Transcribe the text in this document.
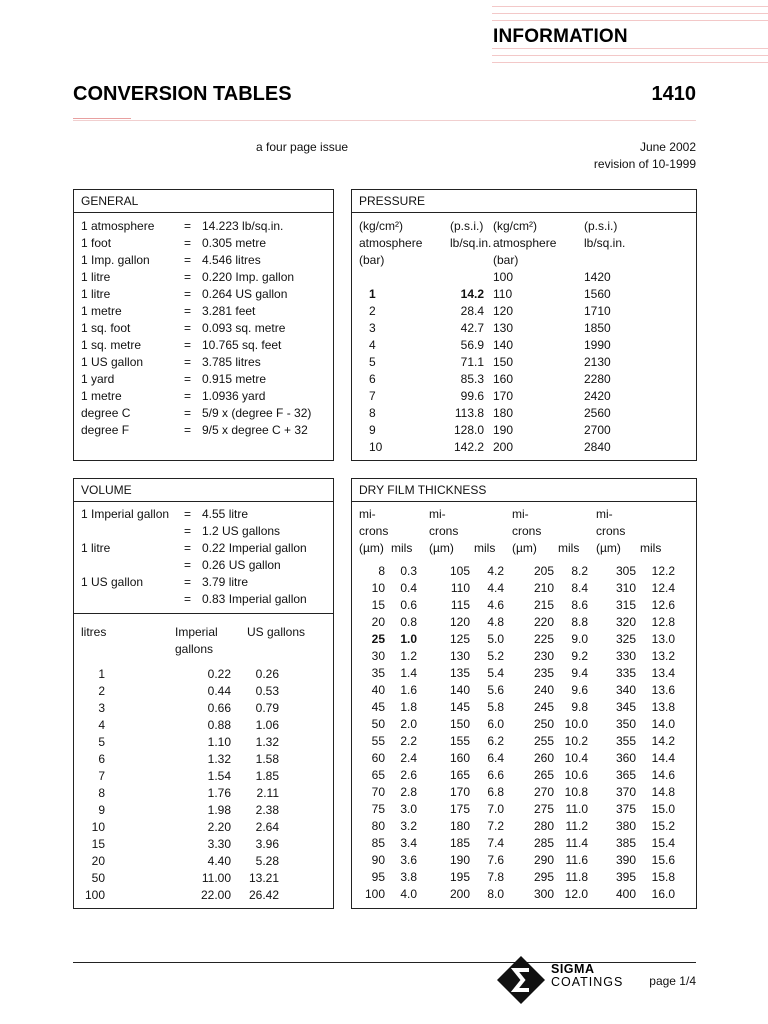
INFORMATION
CONVERSION TABLES	1410
a four page issue	June 2002
revision of 10-1999
GENERAL
1 atmosphere	=	14.223 lb/sq.in.
1 foot	=	0.305 metre
1 Imp. gallon	=	4.546 litres
1 litre	=	0.220 Imp. gallon
1 litre	=	0.264 US gallon
1 metre	=	3.281 feet
1 sq. foot	=	0.093 sq. metre
1 sq. metre	=	10.765 sq. feet
1 US gallon	=	3.785 litres
1 yard	=	0.915 metre
1 metre	=	1.0936 yard
degree C	=	5/9 x (degree F - 32)
degree F	=	9/5 x degree C + 32
PRESSURE
(kg/cm²)	(p.s.i.)	(kg/cm²)	(p.s.i.)
atmosphere	lb/sq.in.	atmosphere	lb/sq.in.
(bar)		(bar)	
		100	1420
1	14.2	110	1560
2	28.4	120	1710
3	42.7	130	1850
4	56.9	140	1990
5	71.1	150	2130
6	85.3	160	2280
7	99.6	170	2420
8	113.8	180	2560
9	128.0	190	2700
10	142.2	200	2840
VOLUME
1 Imperial gallon	=	4.55 litre
	=	1.2 US gallons
1 litre	=	0.22 Imperial gallon
	=	0.26 US gallon
1 US gallon	=	3.79 litre
	=	0.83 Imperial gallon
litres	Imperial	US gallons
	gallons	

1	0.22	0.26
2	0.44	0.53
3	0.66	0.79
4	0.88	1.06
5	1.10	1.32
6	1.32	1.58
7	1.54	1.85
8	1.76	2.11
9	1.98	2.38
10	2.20	2.64
15	3.30	3.96
20	4.40	5.28
50	11.00	13.21
100	22.00	26.42
DRY FILM THICKNESS
mi-		mi-		mi-		mi-	
crons		crons		crons		crons	
(µm)	mils	(µm)	mils	(µm)	mils	(µm)	mils

8	0.3	105	4.2	205	8.2	305	12.2
10	0.4	110	4.4	210	8.4	310	12.4
15	0.6	115	4.6	215	8.6	315	12.6
20	0.8	120	4.8	220	8.8	320	12.8
25	1.0	125	5.0	225	9.0	325	13.0
30	1.2	130	5.2	230	9.2	330	13.2
35	1.4	135	5.4	235	9.4	335	13.4
40	1.6	140	5.6	240	9.6	340	13.6
45	1.8	145	5.8	245	9.8	345	13.8
50	2.0	150	6.0	250	10.0	350	14.0
55	2.2	155	6.2	255	10.2	355	14.2
60	2.4	160	6.4	260	10.4	360	14.4
65	2.6	165	6.6	265	10.6	365	14.6
70	2.8	170	6.8	270	10.8	370	14.8
75	3.0	175	7.0	275	11.0	375	15.0
80	3.2	180	7.2	280	11.2	380	15.2
85	3.4	185	7.4	285	11.4	385	15.4
90	3.6	190	7.6	290	11.6	390	15.6
95	3.8	195	7.8	295	11.8	395	15.8
100	4.0	200	8.0	300	12.0	400	16.0
SIGMA
COATINGS page 1/4
